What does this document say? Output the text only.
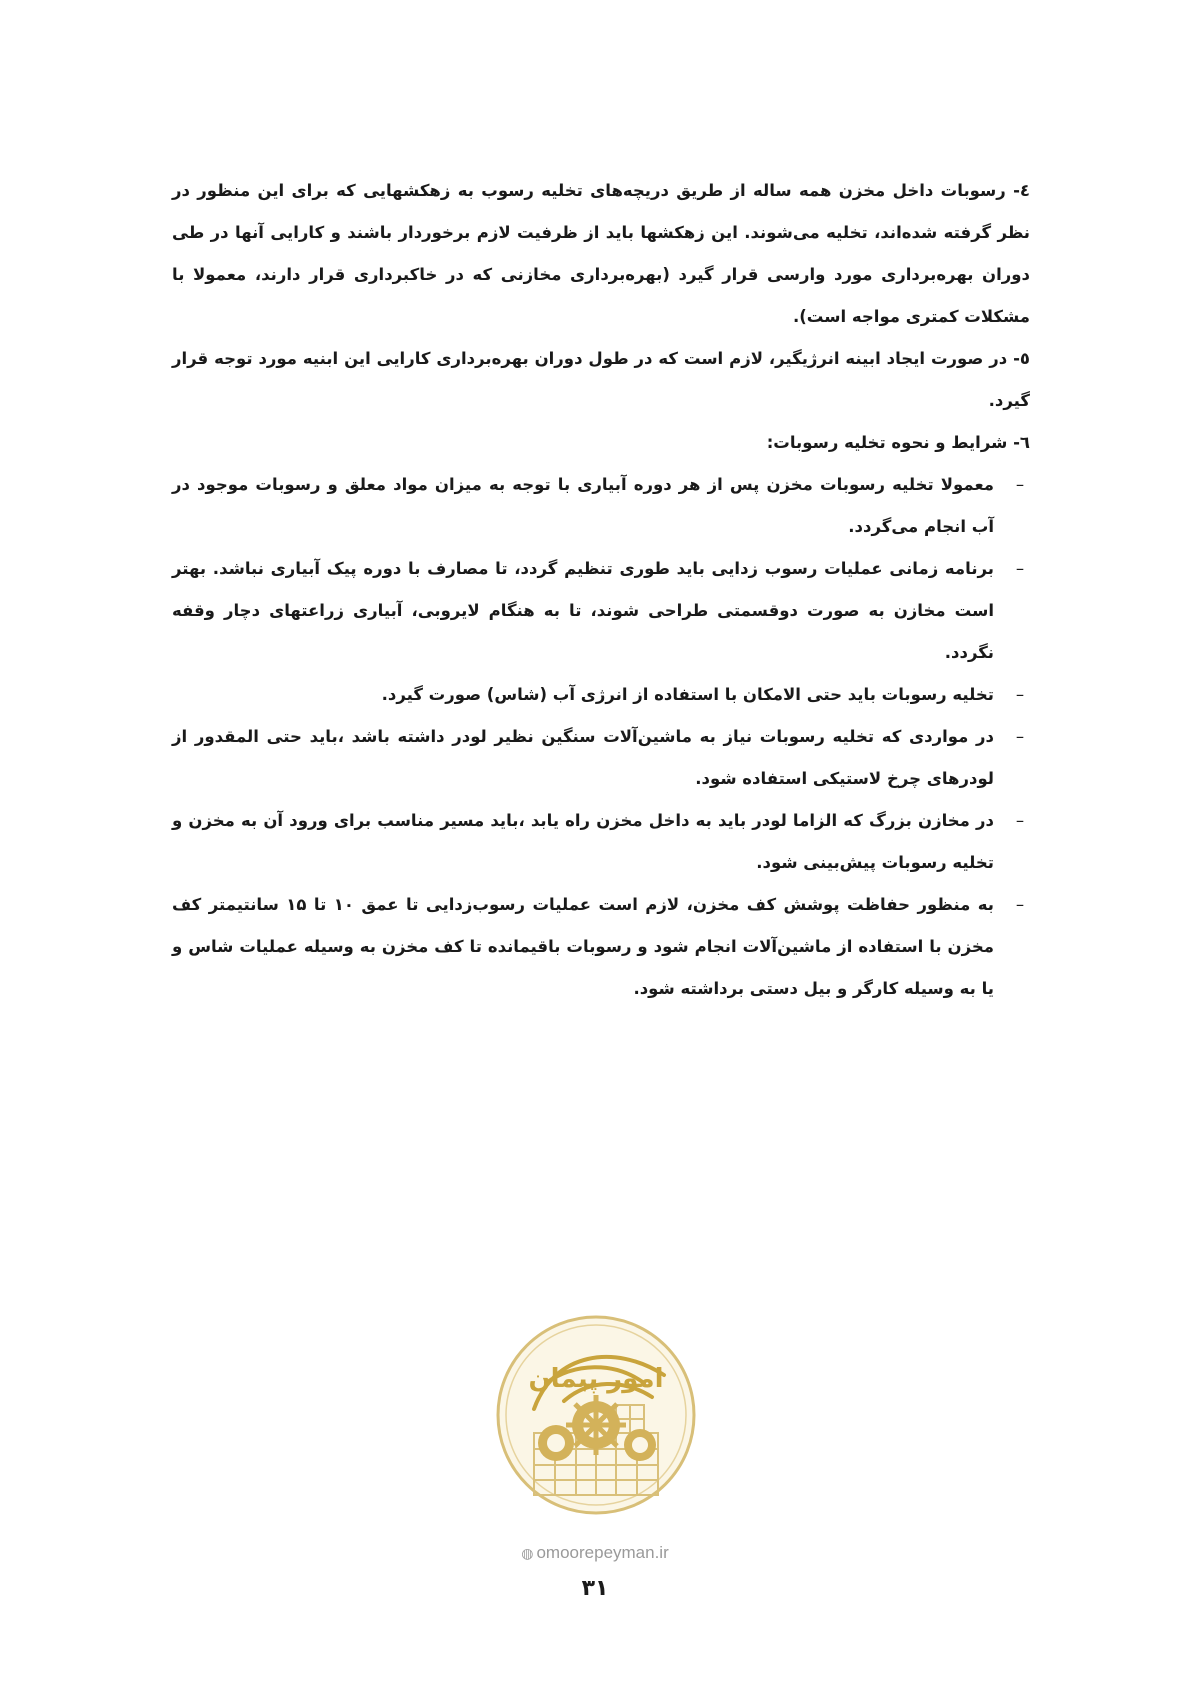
٤- رسوبات داخل مخزن همه ساله از طریق دریچه‌های تخلیه رسوب به زهکشهایی که برای این منظور در نظر گرفته شده‌اند، تخلیه می‌شوند. این زهکشها باید از ظرفیت لازم برخوردار باشند و کارایی آنها در طی دوران بهره‌برداری مورد وارسی قرار گیرد (بهره‌برداری مخازنی که در خاکبرداری قرار دارند، معمولا با مشکلات کمتری مواجه است).

٥- در صورت ایجاد ابینه انرژیگیر، لازم است که در طول دوران بهره‌برداری کارایی این ابنیه مورد توجه قرار گیرد.

٦- شرایط و نحوه تخلیه رسوبات:

–
معمولا تخلیه رسوبات مخزن پس از هر دوره آبیاری با توجه به میزان مواد معلق و رسوبات موجود در آب انجام می‌گردد.

–
برنامه زمانی عملیات رسوب زدایی باید طوری تنظیم گردد، تا مصارف با دوره پیک آبیاری نباشد. بهتر است مخازن به صورت دوقسمتی طراحی شوند، تا به هنگام لایروبی، آبیاری زراعتهای دچار وقفه نگردد.

–
تخلیه رسوبات باید حتی الامکان با استفاده از انرژی آب (شاس) صورت گیرد.

–
در مواردی که تخلیه رسوبات نیاز به ماشین‌آلات سنگین نظیر لودر داشته باشد ،باید حتی المقدور از لودرهای چرخ لاستیکی استفاده شود.

–
در مخازن بزرگ که الزاما لودر باید به داخل مخزن راه یابد ،باید مسیر مناسب برای ورود آن به مخزن و تخلیه رسوبات پیش‌بینی شود.

–
به منظور حفاظت پوشش کف مخزن، لازم است عملیات رسوب‌زدایی تا عمق ۱۰ تا ۱۵ سانتیمتر کف مخزن با استفاده از ماشین‌آلات انجام شود و رسوبات باقیمانده تا کف مخزن به وسیله عملیات شاس و یا به وسیله کارگر و بیل دستی برداشته شود.

امور پیمان
◍ omoorepeyman.ir
۳۱
